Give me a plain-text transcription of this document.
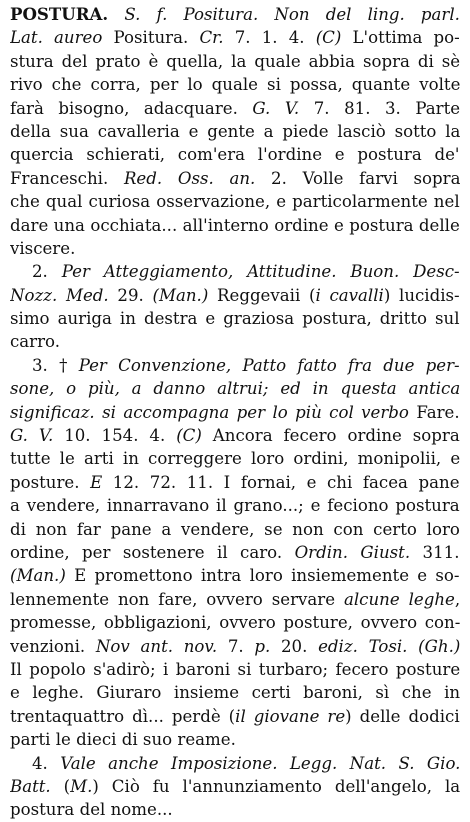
POSTURA. S. f. Positura. Non del ling. parl.
Lat. aureo Positura. Cr. 7. 1. 4. (C) L'ottima po-
stura del prato è quella, la quale abbia sopra di sè
rivo che corra, per lo quale si possa, quante volte
farà bisogno, adacquare. G. V. 7. 81. 3. Parte
della sua cavalleria e gente a piede lasciò sotto la
quercia schierati, com'era l'ordine e postura de'
Franceschi. Red. Oss. an. 2. Volle farvi sopra
che qual curiosa osservazione, e particolarmente nel
dare una occhiata... all'interno ordine e postura delle
viscere.
2. Per Atteggiamento, Attitudine. Buon. Desc-
Nozz. Med. 29. (Man.) Reggevaii (i cavalli) lucidis-
simo auriga in destra e graziosa postura, dritto sul
carro.
3. † Per Convenzione, Patto fatto fra due per-
sone, o più, a danno altrui; ed in questa antica
significaz. si accompagna per lo più col verbo Fare.
G. V. 10. 154. 4. (C) Ancora fecero ordine sopra
tutte le arti in correggere loro ordini, monipolii, e
posture. E 12. 72. 11. I fornai, e chi facea pane
a vendere, innarravano il grano...; e feciono postura
di non far pane a vendere, se non con certo loro
ordine, per sostenere il caro. Ordin. Giust. 311.
(Man.) E promettono intra loro insiememente e so-
lennemente non fare, ovvero servare alcune leghe,
promesse, obbligazioni, ovvero posture, ovvero con-
venzioni. Nov ant. nov. 7. p. 20. ediz. Tosi. (Gh.)
Il popolo s'adirò; i baroni si turbaro; fecero posture
e leghe. Giuraro insieme certi baroni, sì che in
trentaquattro dì... perdè (il giovane re) delle dodici
parti le dieci di suo reame.
4. Vale anche Imposizione. Legg. Nat. S. Gio.
Batt. (M.) Ciò fu l'annunziamento dell'angelo, la
postura del nome...
